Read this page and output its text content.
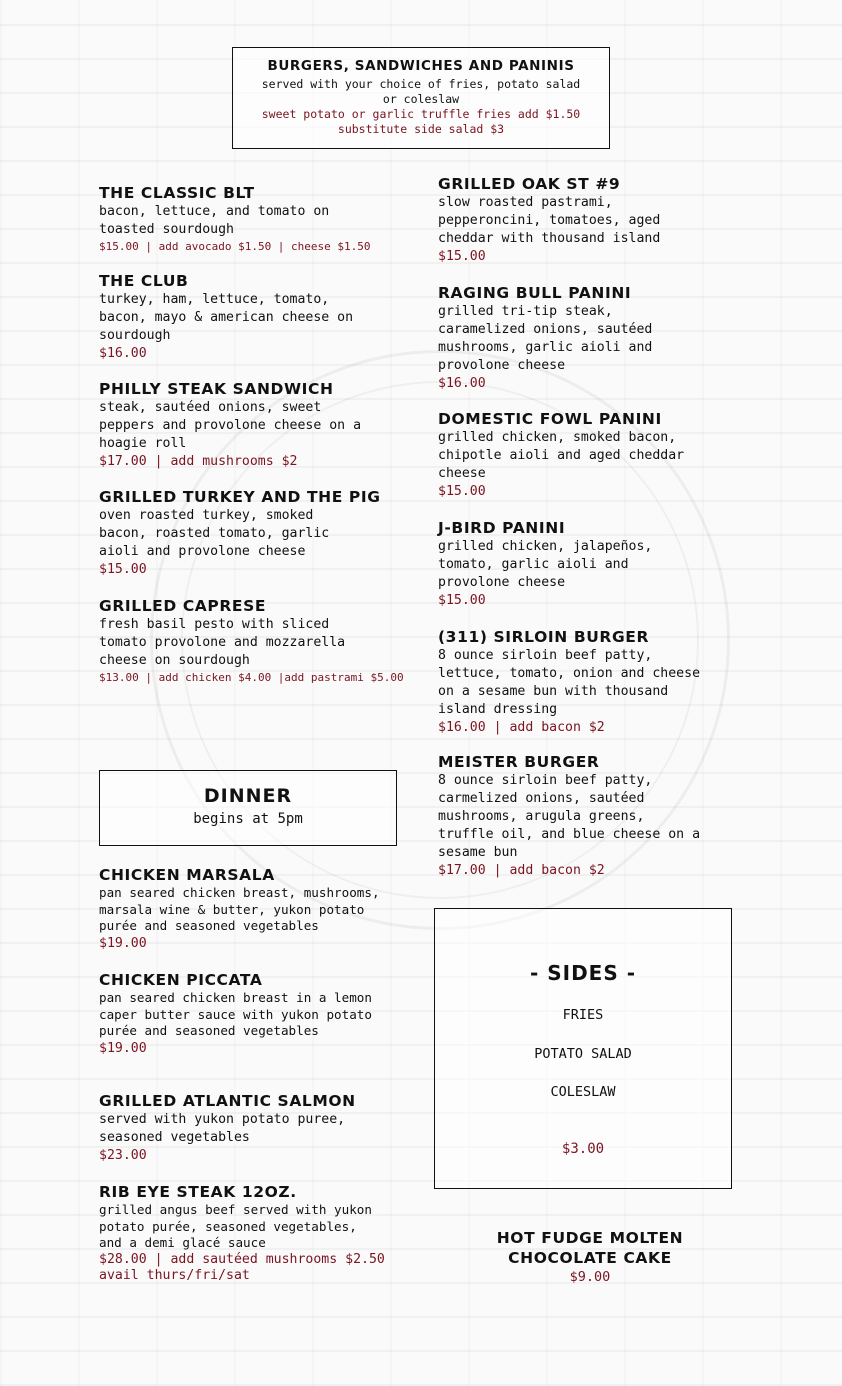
BURGERS, SANDWICHES AND PANINIS
served with your choice of fries, potato salad
or coleslaw
sweet potato or garlic truffle fries add $1.50
substitute side salad $3
THE CLASSIC BLT
bacon, lettuce, and tomato on
toasted sourdough
$15.00 | add avocado $1.50 | cheese $1.50
THE CLUB
turkey, ham, lettuce, tomato,
bacon, mayo & american cheese on
sourdough
$16.00
PHILLY STEAK SANDWICH
steak, sautéed onions, sweet
peppers and provolone cheese on a
hoagie roll
$17.00 | add mushrooms $2
GRILLED TURKEY AND THE PIG
oven roasted turkey, smoked
bacon, roasted tomato, garlic
aioli and provolone cheese
$15.00
GRILLED CAPRESE
fresh basil pesto with sliced
tomato provolone and mozzarella
cheese on sourdough
$13.00 | add chicken $4.00 |add pastrami $5.00
GRILLED OAK ST #9
slow roasted pastrami,
pepperoncini, tomatoes, aged
cheddar with thousand island
$15.00
RAGING BULL PANINI
grilled tri-tip steak,
caramelized onions, sautéed
mushrooms, garlic aioli and
provolone cheese
$16.00
DOMESTIC FOWL PANINI
grilled chicken, smoked bacon,
chipotle aioli and aged cheddar
cheese
$15.00
J-BIRD PANINI
grilled chicken, jalapeños,
tomato, garlic aioli and
provolone cheese
$15.00
(311) SIRLOIN BURGER
8 ounce sirloin beef patty,
lettuce, tomato, onion and cheese
on a sesame bun with thousand
island dressing
$16.00 | add bacon $2
MEISTER BURGER
8 ounce sirloin beef patty,
carmelized onions, sautéed
mushrooms, arugula greens,
truffle oil, and blue cheese on a
sesame bun
$17.00 | add bacon $2
DINNER
begins at 5pm
CHICKEN MARSALA
pan seared chicken breast, mushrooms,
marsala wine & butter, yukon potato
purée and seasoned vegetables
$19.00
CHICKEN PICCATA
pan seared chicken breast in a lemon
caper butter sauce with yukon potato
purée and seasoned vegetables
$19.00
GRILLED ATLANTIC SALMON
served with yukon potato puree,
seasoned vegetables
$23.00
RIB EYE STEAK 12OZ.
grilled angus beef served with yukon
potato purée, seasoned vegetables,
and a demi glacé sauce
$28.00 | add sautéed mushrooms $2.50
avail thurs/fri/sat
- SIDES -
FRIES
POTATO SALAD
COLESLAW
$3.00
HOT FUDGE MOLTEN
CHOCOLATE CAKE
$9.00
